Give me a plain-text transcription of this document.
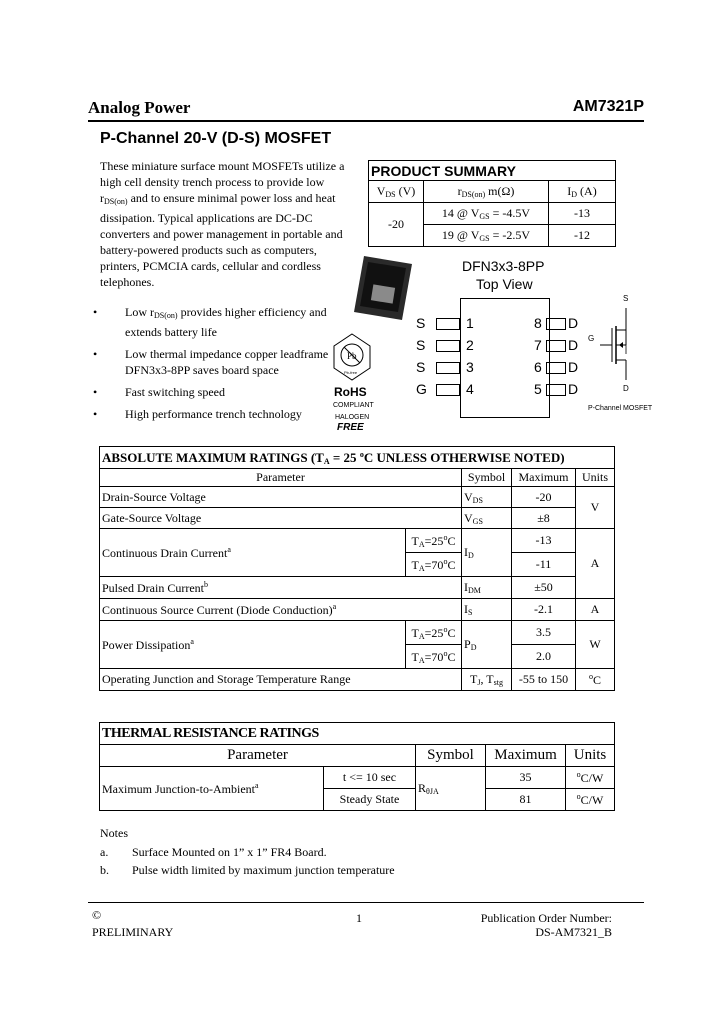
Analog Power	AM7321P
P-Channel 20-V (D-S) MOSFET
These miniature surface mount MOSFETs utilize a
high cell density trench process to provide low
$r_{DS(on)}$ and to ensure minimal power loss and heat
dissipation. Typical applications are DC-DC
converters and power management in portable and
battery-powered products such as computers,
printers, PCMCIA cards, cellular and cordless
telephones.
PRODUCT SUMMARY		
$V_{DS}$ (V)	$r_{DS(on)}$ m(Ω)	$I_D$ (A)
-20	14 @ $V_{GS} = -4.5V$	-13
	19 @ $V_{GS} = -2.5V$	-12
DFN3x3-8PP
Top View
S	1
S	2
S	3
G	4
8 D
7 D
6 D
5 D
S
G
D
P-Channel MOSFET
Pb
Pb-free
RoHS
COMPLIANT
HALOGEN
FREE
• Low $r_{DS(on)}$ provides higher efficiency and
extends battery life
• Low thermal impedance copper leadframe
DFN3x3-8PP saves board space
• Fast switching speed
• High performance trench technology
ABSOLUTE MAXIMUM RATINGS ($T_A = 25$ $^o$C UNLESS OTHERWISE NOTED)				
Parameter		Symbol	Maximum	Units
Drain-Source Voltage		$V_{DS}$	-20	V
Gate-Source Voltage		$V_{GS}$	±8	
Continuous Drain Current$^a$	$T_A=25^oC$	$I_D$	-13	A
	$T_A=70^oC$		-11	
Pulsed Drain Current$^b$		$I_{DM}$	±50	
Continuous Source Current (Diode Conduction)$^a$		$I_S$	-2.1	A
Power Dissipation$^a$	$T_A=25^oC$	$P_D$	3.5	W
	$T_A=70^oC$		2.0	
Operating Junction and Storage Temperature Range		$T_J$, $T_{stg}$	-55 to 150	$^o$C
THERMAL RESISTANCE RATINGS				
Parameter		Symbol	Maximum	Units
Maximum Junction-to-Ambient$^a$	t <= 10 sec	$R_{\theta JA}$	35	$^o$C/W
	Steady State		81	$^o$C/W
Notes
a. Surface Mounted on 1” x 1” FR4 Board.
b. Pulse width limited by maximum junction temperature
©
PRELIMINARY
1	Publication Order Number:
DS-AM7321_B
